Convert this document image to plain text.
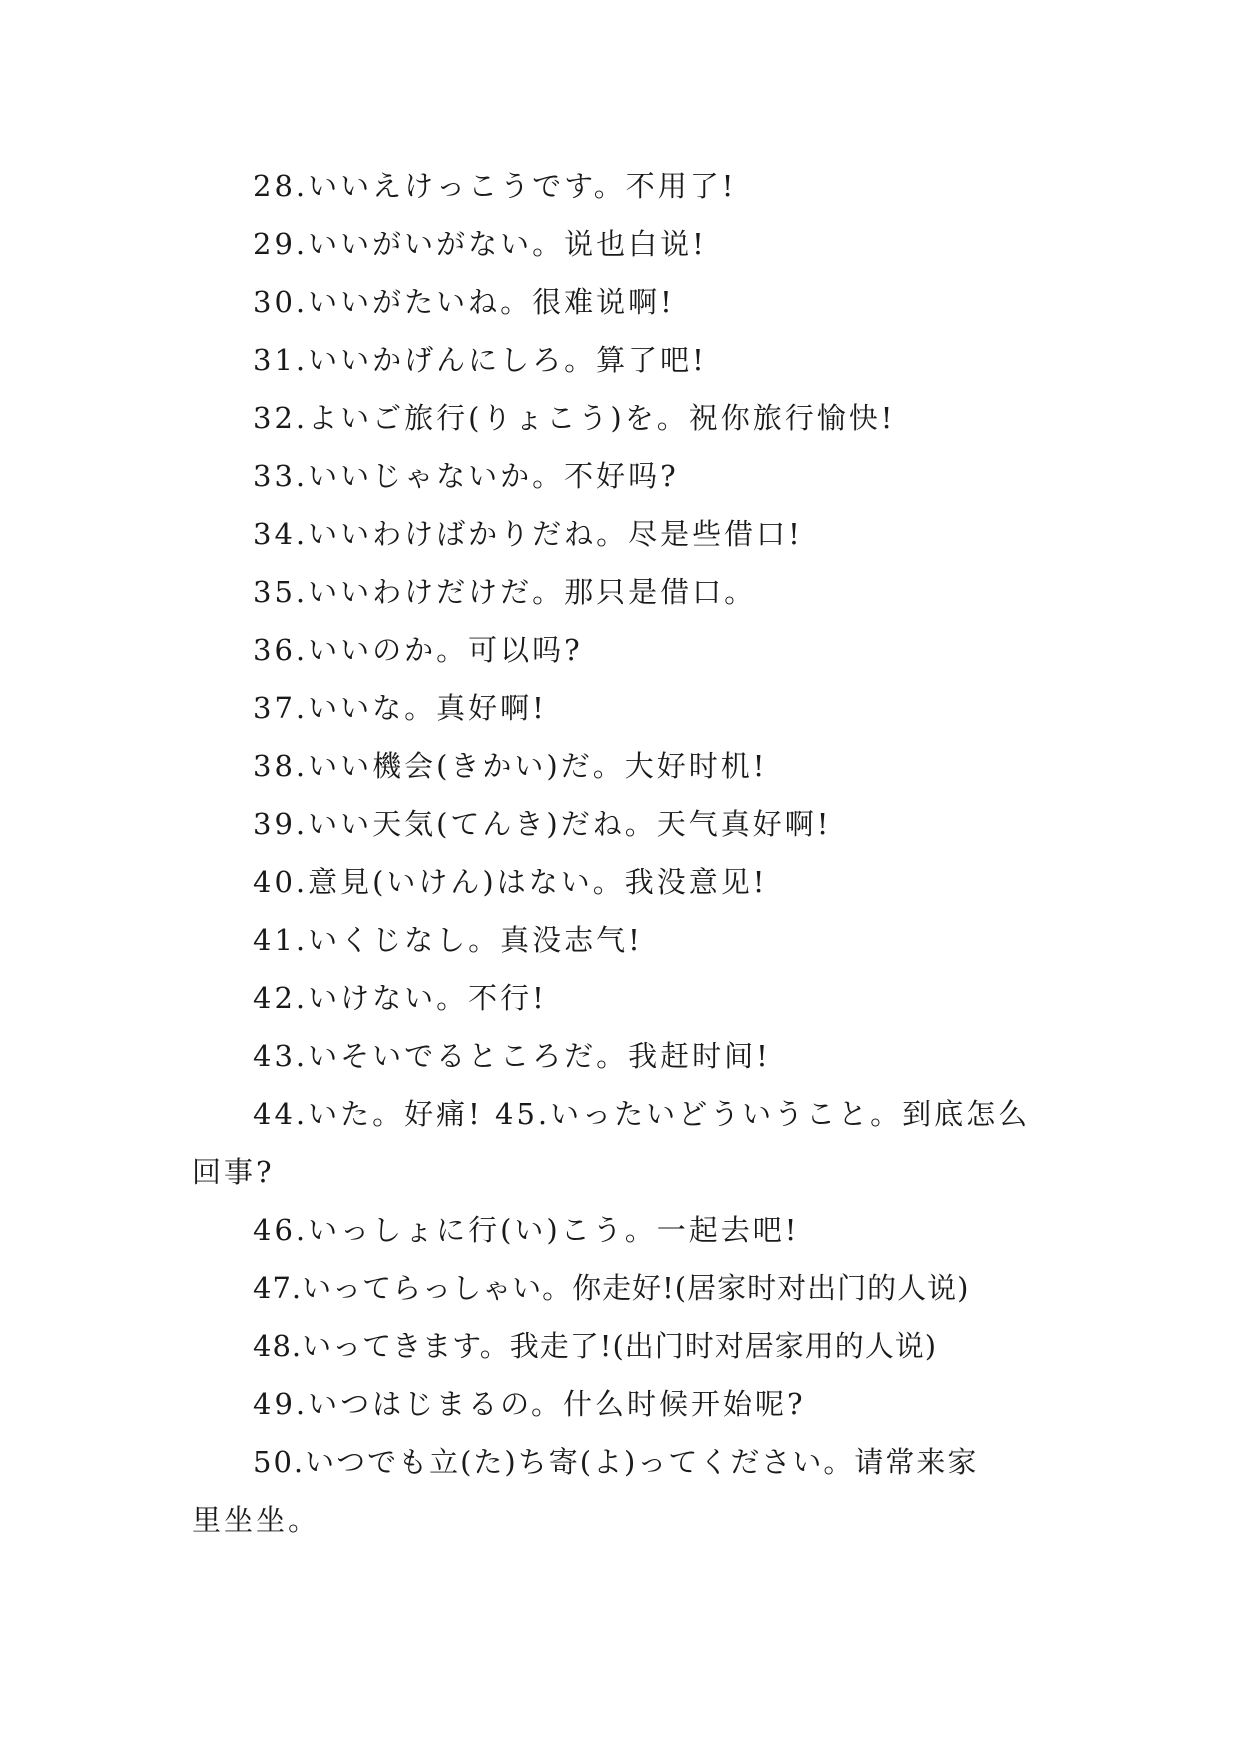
28.いいえけっこうです。不用了!
29.いいがいがない。说也白说!
30.いいがたいね。很难说啊!
31.いいかげんにしろ。算了吧!
32.よいご旅行(りょこう)を。祝你旅行愉快!
33.いいじゃないか。不好吗?
34.いいわけばかりだね。尽是些借口!
35.いいわけだけだ。那只是借口。
36.いいのか。可以吗?
37.いいな。真好啊!
38.いい機会(きかい)だ。大好时机!
39.いい天気(てんき)だね。天气真好啊!
40.意見(いけん)はない。我没意见!
41.いくじなし。真没志气!
42.いけない。不行!
43.いそいでるところだ。我赶时间!
44.いた。好痛! 45.いったいどういうこと。到底怎么
回事?
46.いっしょに行(い)こう。一起去吧!
47.いってらっしゃい。你走好!(居家时对出门的人说)
48.いってきます。我走了!(出门时对居家用的人说)
49.いつはじまるの。什么时候开始呢?
50.いつでも立(た)ち寄(よ)ってください。请常来家
里坐坐。
